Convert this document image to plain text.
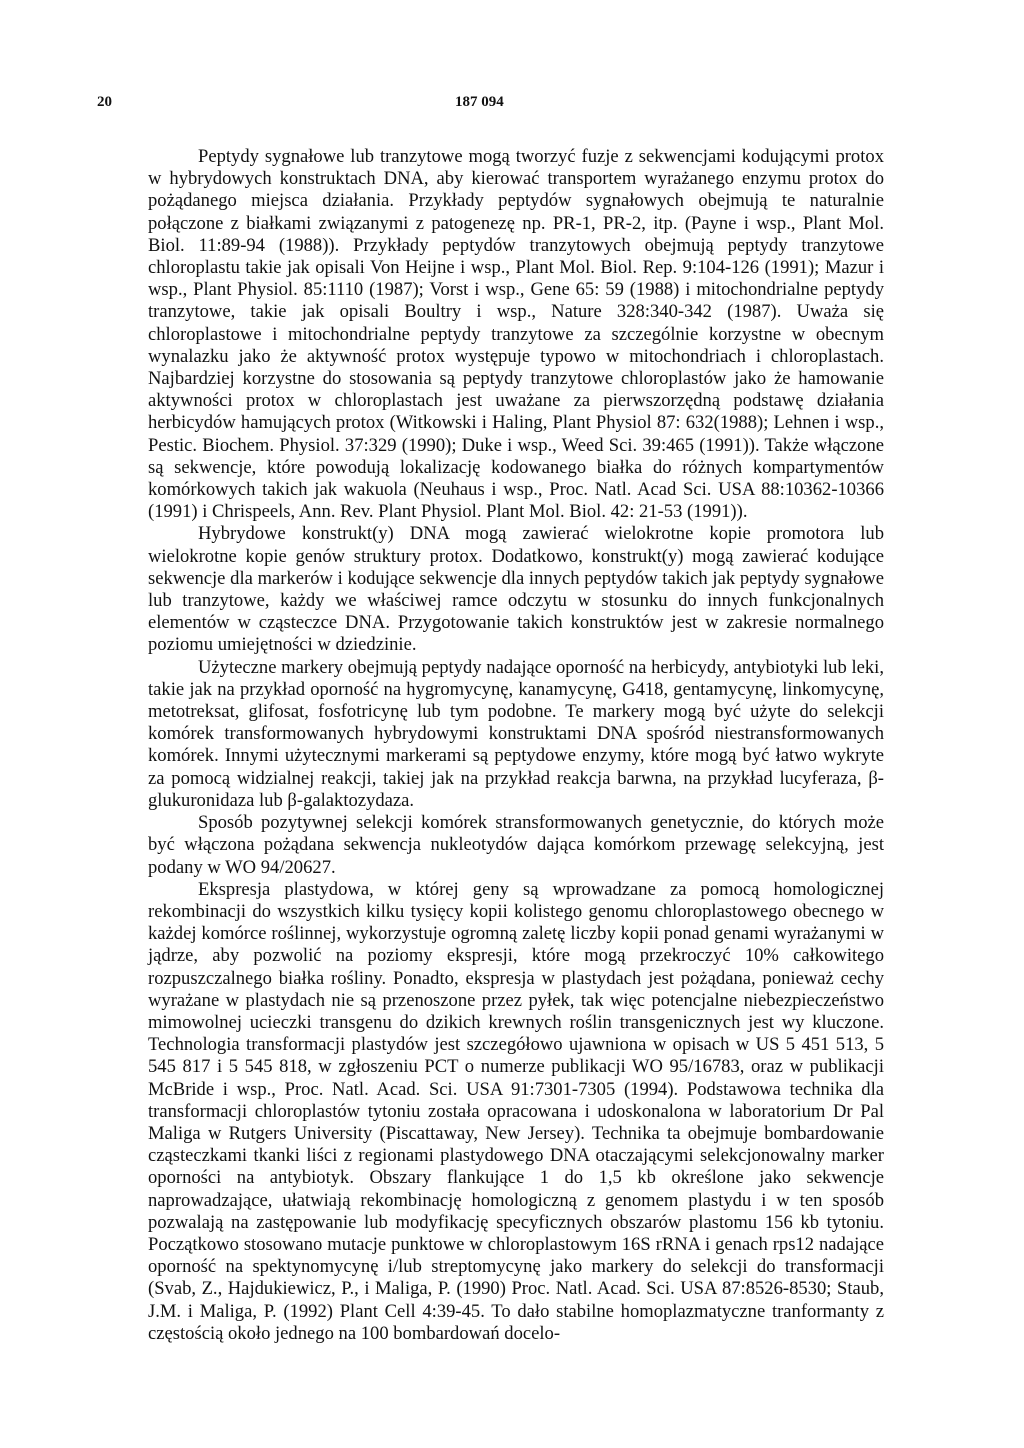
20	187 094

Peptydy sygnałowe lub tranzytowe mogą tworzyć fuzje z sekwencjami kodującymi protox w hybrydowych konstruktach DNA, aby kierować transportem wyrażanego enzymu protox do pożądanego miejsca działania. Przykłady peptydów sygnałowych obejmują te naturalnie połączone z białkami związanymi z patogenezę np. PR-1, PR-2, itp. (Payne i wsp., Plant Mol. Biol. 11:89-94 (1988)). Przykłady peptydów tranzytowych obejmują peptydy tranzytowe chloroplastu takie jak opisali Von Heijne i wsp., Plant Mol. Biol. Rep. 9:104-126 (1991); Mazur i wsp., Plant Physiol. 85:1110 (1987); Vorst i wsp., Gene 65: 59 (1988) i mitochondrialne peptydy tranzytowe, takie jak opisali Boultry i wsp., Nature 328:340-342 (1987). Uważa się chloroplastowe i mitochondrialne peptydy tranzytowe za szczególnie korzystne w obecnym wynalazku jako że aktywność protox występuje typowo w mitochondriach i chloroplastach. Najbardziej korzystne do stosowania są peptydy tranzytowe chloroplastów jako że hamowanie aktywności protox w chloroplastach jest uważane za pierwszorzędną podstawę działania herbicydów hamujących protox (Witkowski i Haling, Plant Physiol 87: 632(1988); Lehnen i wsp., Pestic. Biochem. Physiol. 37:329 (1990); Duke i wsp., Weed Sci. 39:465 (1991)). Także włączone są sekwencje, które powodują lokalizację kodowanego białka do różnych kompartymentów komórkowych takich jak wakuola (Neuhaus i wsp., Proc. Natl. Acad Sci. USA 88:10362-10366 (1991) i Chrispeels, Ann. Rev. Plant Physiol. Plant Mol. Biol. 42: 21-53 (1991)).

Hybrydowe konstrukt(y) DNA mogą zawierać wielokrotne kopie promotora lub wielokrotne kopie genów struktury protox. Dodatkowo, konstrukt(y) mogą zawierać kodujące sekwencje dla markerów i kodujące sekwencje dla innych peptydów takich jak peptydy sygnałowe lub tranzytowe, każdy we właściwej ramce odczytu w stosunku do innych funkcjonalnych elementów w cząsteczce DNA. Przygotowanie takich konstruktów jest w zakresie normalnego poziomu umiejętności w dziedzinie.

Użyteczne markery obejmują peptydy nadające oporność na herbicydy, antybiotyki lub leki, takie jak na przykład oporność na hygromycynę, kanamycynę, G418, gentamycynę, linkomycynę, metotreksat, glifosat, fosfotricynę lub tym podobne. Te markery mogą być użyte do selekcji komórek transformowanych hybrydowymi konstruktami DNA spośród niestransformowanych komórek. Innymi użytecznymi markerami są peptydowe enzymy, które mogą być łatwo wykryte za pomocą widzialnej reakcji, takiej jak na przykład reakcja barwna, na przykład lucyferaza, β-glukuronidaza lub β-galaktozydaza.

Sposób pozytywnej selekcji komórek stransformowanych genetycznie, do których może być włączona pożądana sekwencja nukleotydów dająca komórkom przewagę selekcyjną, jest podany w WO 94/20627.

Ekspresja plastydowa, w której geny są wprowadzane za pomocą homologicznej rekombinacji do wszystkich kilku tysięcy kopii kolistego genomu chloroplastowego obecnego w każdej komórce roślinnej, wykorzystuje ogromną zaletę liczby kopii ponad genami wyrażanymi w jądrze, aby pozwolić na poziomy ekspresji, które mogą przekroczyć 10% całkowitego rozpuszczalnego białka rośliny. Ponadto, ekspresja w plastydach jest pożądana, ponieważ cechy wyrażane w plastydach nie są przenoszone przez pyłek, tak więc potencjalne niebezpieczeństwo mimowolnej ucieczki transgenu do dzikich krewnych roślin transgenicznych jest wy kluczone. Technologia transformacji plastydów jest szczegółowo ujawniona w opisach w US 5 451 513, 5 545 817 i 5 545 818, w zgłoszeniu PCT o numerze publikacji WO 95/16783, oraz w publikacji McBride i wsp., Proc. Natl. Acad. Sci. USA 91:7301-7305 (1994). Podstawowa technika dla transformacji chloroplastów tytoniu została opracowana i udoskonalona w laboratorium Dr Pal Maliga w Rutgers University (Piscattaway, New Jersey). Technika ta obejmuje bombardowanie cząsteczkami tkanki liści z regionami plastydowego DNA otaczającymi selekcjonowalny marker oporności na antybiotyk. Obszary flankujące 1 do 1,5 kb określone jako sekwencje naprowadzające, ułatwiają rekombinację homologiczną z genomem plastydu i w ten sposób pozwalają na zastępowanie lub modyfikację specyficznych obszarów plastomu 156 kb tytoniu. Początkowo stosowano mutacje punktowe w chloroplastowym 16S rRNA i genach rps12 nadające oporność na spektynomycynę i/lub streptomycynę jako markery do selekcji do transformacji (Svab, Z., Hajdukiewicz, P., i Maliga, P. (1990) Proc. Natl. Acad. Sci. USA 87:8526-8530; Staub, J.M. i Maliga, P. (1992) Plant Cell 4:39-45. To dało stabilne homoplazmatyczne tranformanty z częstością około jednego na 100 bombardowań docelo-
